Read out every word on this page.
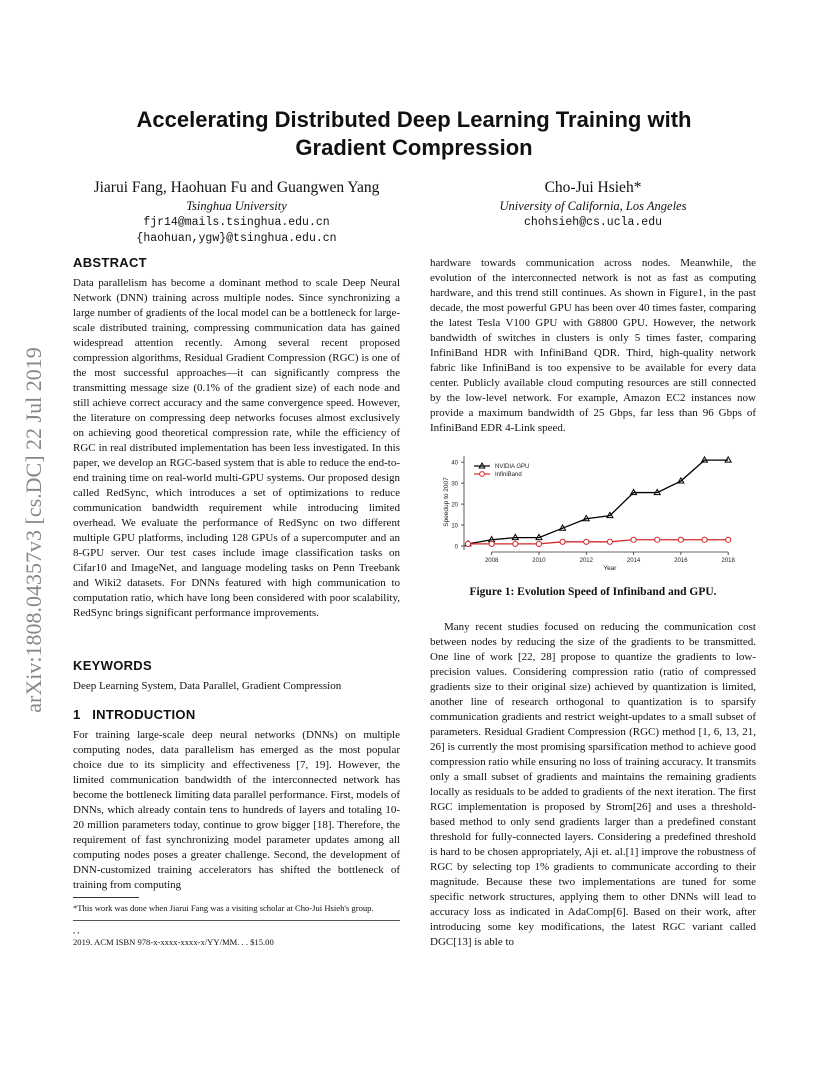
Accelerating Distributed Deep Learning Training with
Gradient Compression
Jiarui Fang, Haohuan Fu and Guangwen Yang
Tsinghua University
fjr14@mails.tsinghua.edu.cn
{haohuan,ygw}@tsinghua.edu.cn
Cho-Jui Hsieh*
University of California, Los Angeles
chohsieh@cs.ucla.edu
arXiv:1808.04357v3 [cs.DC] 22 Jul 2019
ABSTRACT
Data parallelism has become a dominant method to scale Deep Neural Network (DNN) training across multiple nodes. Since synchronizing a large number of gradients of the local model can be a bottleneck for large-scale distributed training, compressing communication data has gained widespread attention recently. Among several recent proposed compression algorithms, Residual Gradient Compression (RGC) is one of the most successful approaches—it can significantly compress the transmitting message size (0.1% of the gradient size) of each node and still achieve correct accuracy and the same convergence speed. However, the literature on compressing deep networks focuses almost exclusively on achieving good theoretical compression rate, while the efficiency of RGC in real distributed implementation has been less investigated. In this paper, we develop an RGC-based system that is able to reduce the end-to-end training time on real-world multi-GPU systems. Our proposed design called RedSync, which introduces a set of optimizations to reduce communication bandwidth requirement while introducing limited overhead. We evaluate the performance of RedSync on two different multiple GPU platforms, including 128 GPUs of a supercomputer and an 8-GPU server. Our test cases include image classification tasks on Cifar10 and ImageNet, and language modeling tasks on Penn Treebank and Wiki2 datasets. For DNNs featured with high communication to computation ratio, which have long been considered with poor scalability, RedSync brings significant performance improvements.
KEYWORDS
Deep Learning System, Data Parallel, Gradient Compression
1   INTRODUCTION
For training large-scale deep neural networks (DNNs) on multiple computing nodes, data parallelism has emerged as the most popular choice due to its simplicity and effectiveness [7, 19]. However, the limited communication bandwidth of the interconnected network has become the bottleneck limiting data parallel performance. First, models of DNNs, which already contain tens to hundreds of layers and totaling 10-20 million parameters today, continue to grow bigger [18]. Therefore, the requirement of fast synchronizing model parameter updates among all computing nodes poses a greater challenge. Second, the development of DNN-customized training accelerators has shifted the bottleneck of training from computing
*This work was done when Jiarui Fang was a visiting scholar at Cho-Jui Hsieh's group.
, ,
2019. ACM ISBN 978-x-xxxx-xxxx-x/YY/MM. . . $15.00
hardware towards communication across nodes. Meanwhile, the evolution of the interconnected network is not as fast as computing hardware, and this trend still continues. As shown in Figure1, in the past decade, the most powerful GPU has been over 40 times faster, comparing the latest Tesla V100 GPU with G8800 GPU. However, the network bandwidth of switches in clusters is only 5 times faster, comparing InfiniBand HDR with InfiniBand QDR. Third, high-quality network fabric like InfiniBand is too expensive to be available for every data center. Publicly available cloud computing resources are still connected by the low-level network. For example, Amazon EC2 instances now provide a maximum bandwidth of 25 Gbps, far less than 96 Gbps of InfiniBand EDR 4-Link speed.
0
10
20
30
40
2008	2010	2012	2014	2016	2018
Year
Speedup to 2007
NVIDIA GPU
InfiniBand
Figure 1: Evolution Speed of Infiniband and GPU.
Many recent studies focused on reducing the communication cost between nodes by reducing the size of the gradients to be transmitted. One line of work [22, 28] propose to quantize the gradients to low-precision values. Considering compression ratio (ratio of compressed gradients size to their original size) achieved by quantization is limited, another line of research orthogonal to quantization is to sparsify communication gradients and restrict weight-updates to a small subset of parameters. Residual Gradient Compression (RGC) method [1, 6, 13, 21, 26] is currently the most promising sparsification method to achieve good compression ratio while ensuring no loss of training accuracy. It transmits only a small subset of gradients and maintains the remaining gradients locally as residuals to be added to gradients of the next iteration. The first RGC implementation is proposed by Strom[26] and uses a threshold-based method to only send gradients larger than a predefined constant threshold for fully-connected layers. Considering a predefined threshold is hard to be chosen appropriately, Aji et. al.[1] improve the robustness of RGC by selecting top 1% gradients to communicate according to their magnitude. Because these two implementations are tuned for some specific network structures, applying them to other DNNs will lead to accuracy loss as indicated in AdaComp[6]. Based on their work, after introducing some key modifications, the latest RGC variant called DGC[13] is able to
